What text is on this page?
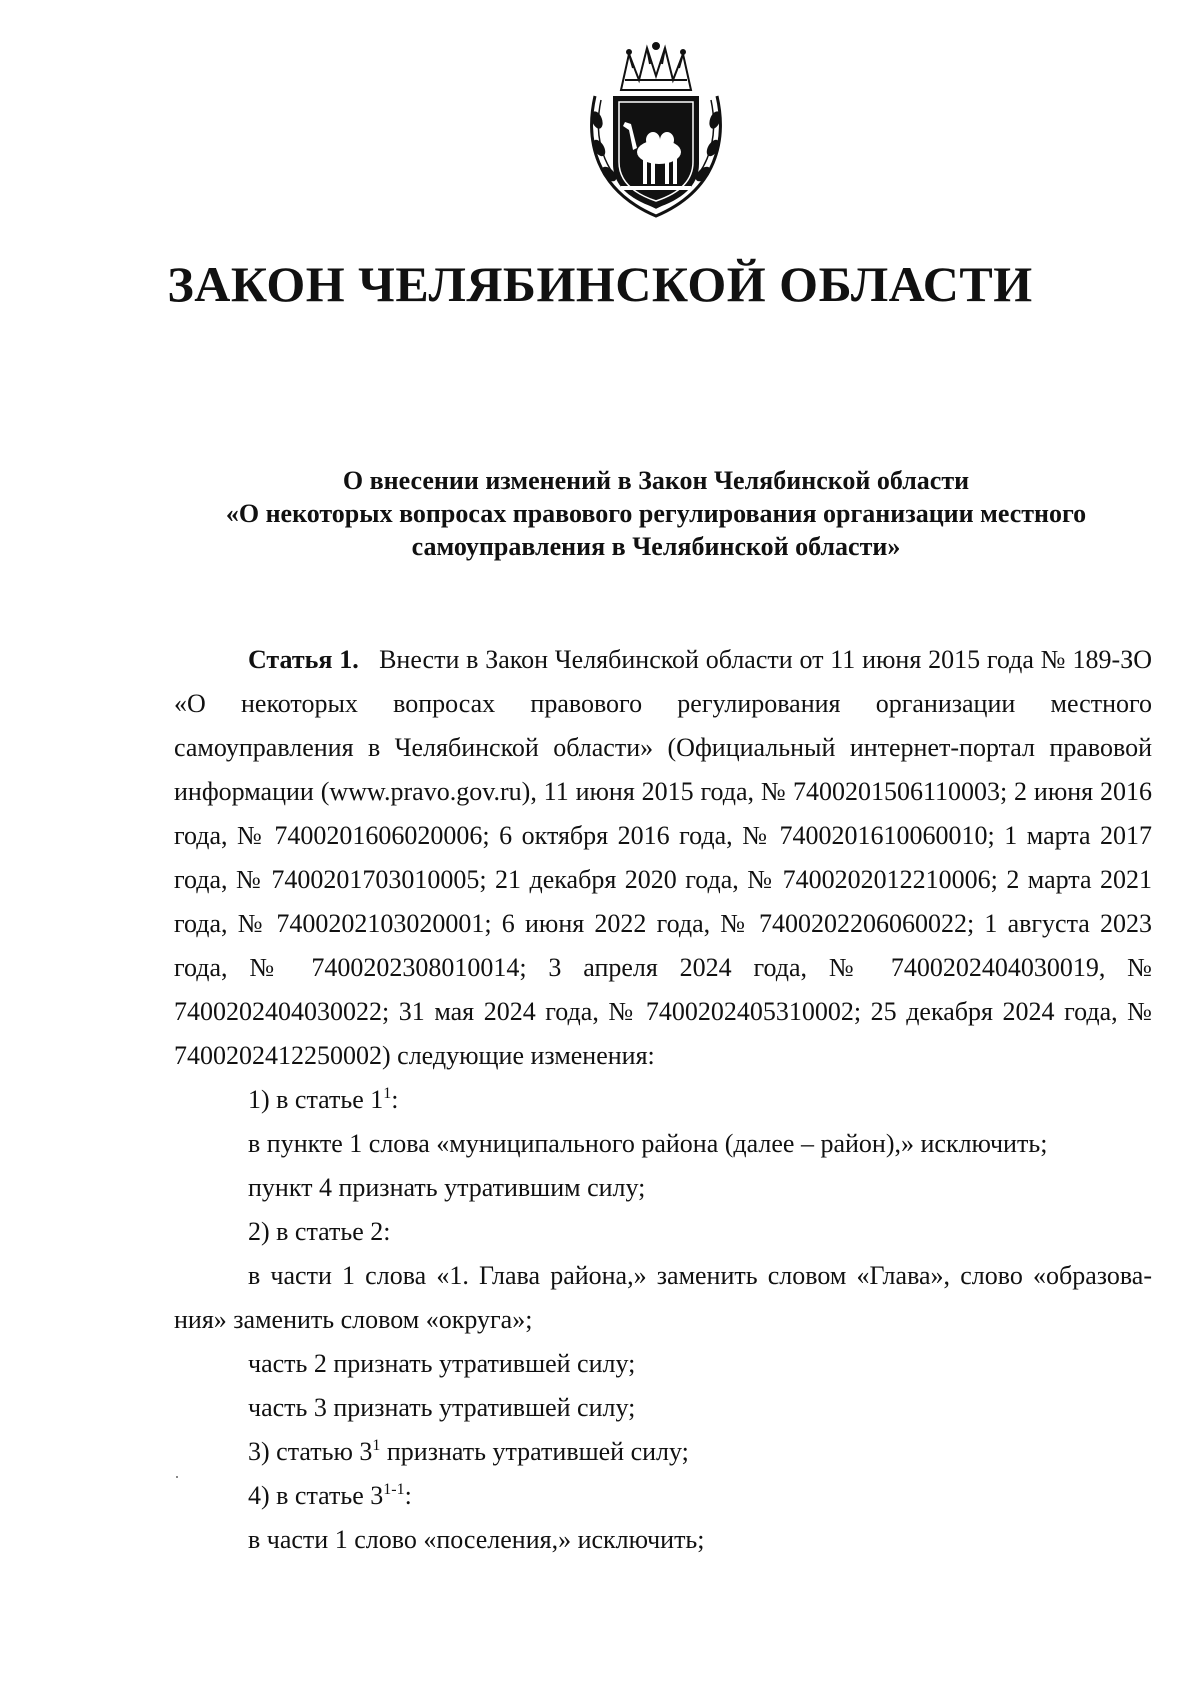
ЗАКОН ЧЕЛЯБИНСКОЙ ОБЛАСТИ
О внесении изменений в Закон Челябинской области
«О некоторых вопросах правового регулирования организации местного
самоуправления в Челябинской области»

Статья 1. Внести в Закон Челябинской области от 11 июня 2015 года № 189-ЗО «О некоторых вопросах правового регулирования организации местного самоуправления в Челябинской области» (Официальный интернет-портал правовой информации (www.pravo.gov.ru), 11 июня 2015 года, № 7400201506110003; 2 июня 2016 года, № 7400201606020006; 6 октября 2016 года, № 7400201610060010; 1 марта 2017 года, № 7400201703010005; 21 декабря 2020 года, № 7400202012210006; 2 марта 2021 года, № 7400202103020001; 6 июня 2022 года, № 7400202206060022; 1 августа 2023 года, № 7400202308010014; 3 апреля 2024 года, № 7400202404030019, № 7400202404030022; 31 мая 2024 года, № 7400202405310002; 25 декабря 2024 года, № 7400202412250002) следующие изменения:

1) в статье $1^1$:

в пункте 1 слова «муниципального района (далее – район),» исключить;

пункт 4 признать утратившим силу;

2) в статье 2:

в части 1 слова «1. Глава района,» заменить словом «Глава», слово «образова-ния» заменить словом «округа»;

часть 2 признать утратившей силу;

часть 3 признать утратившей силу;

3) статью $3^1$ признать утратившей силу;

4) в статье 3$^{1-1}$:

в части 1 слово «поселения,» исключить;
